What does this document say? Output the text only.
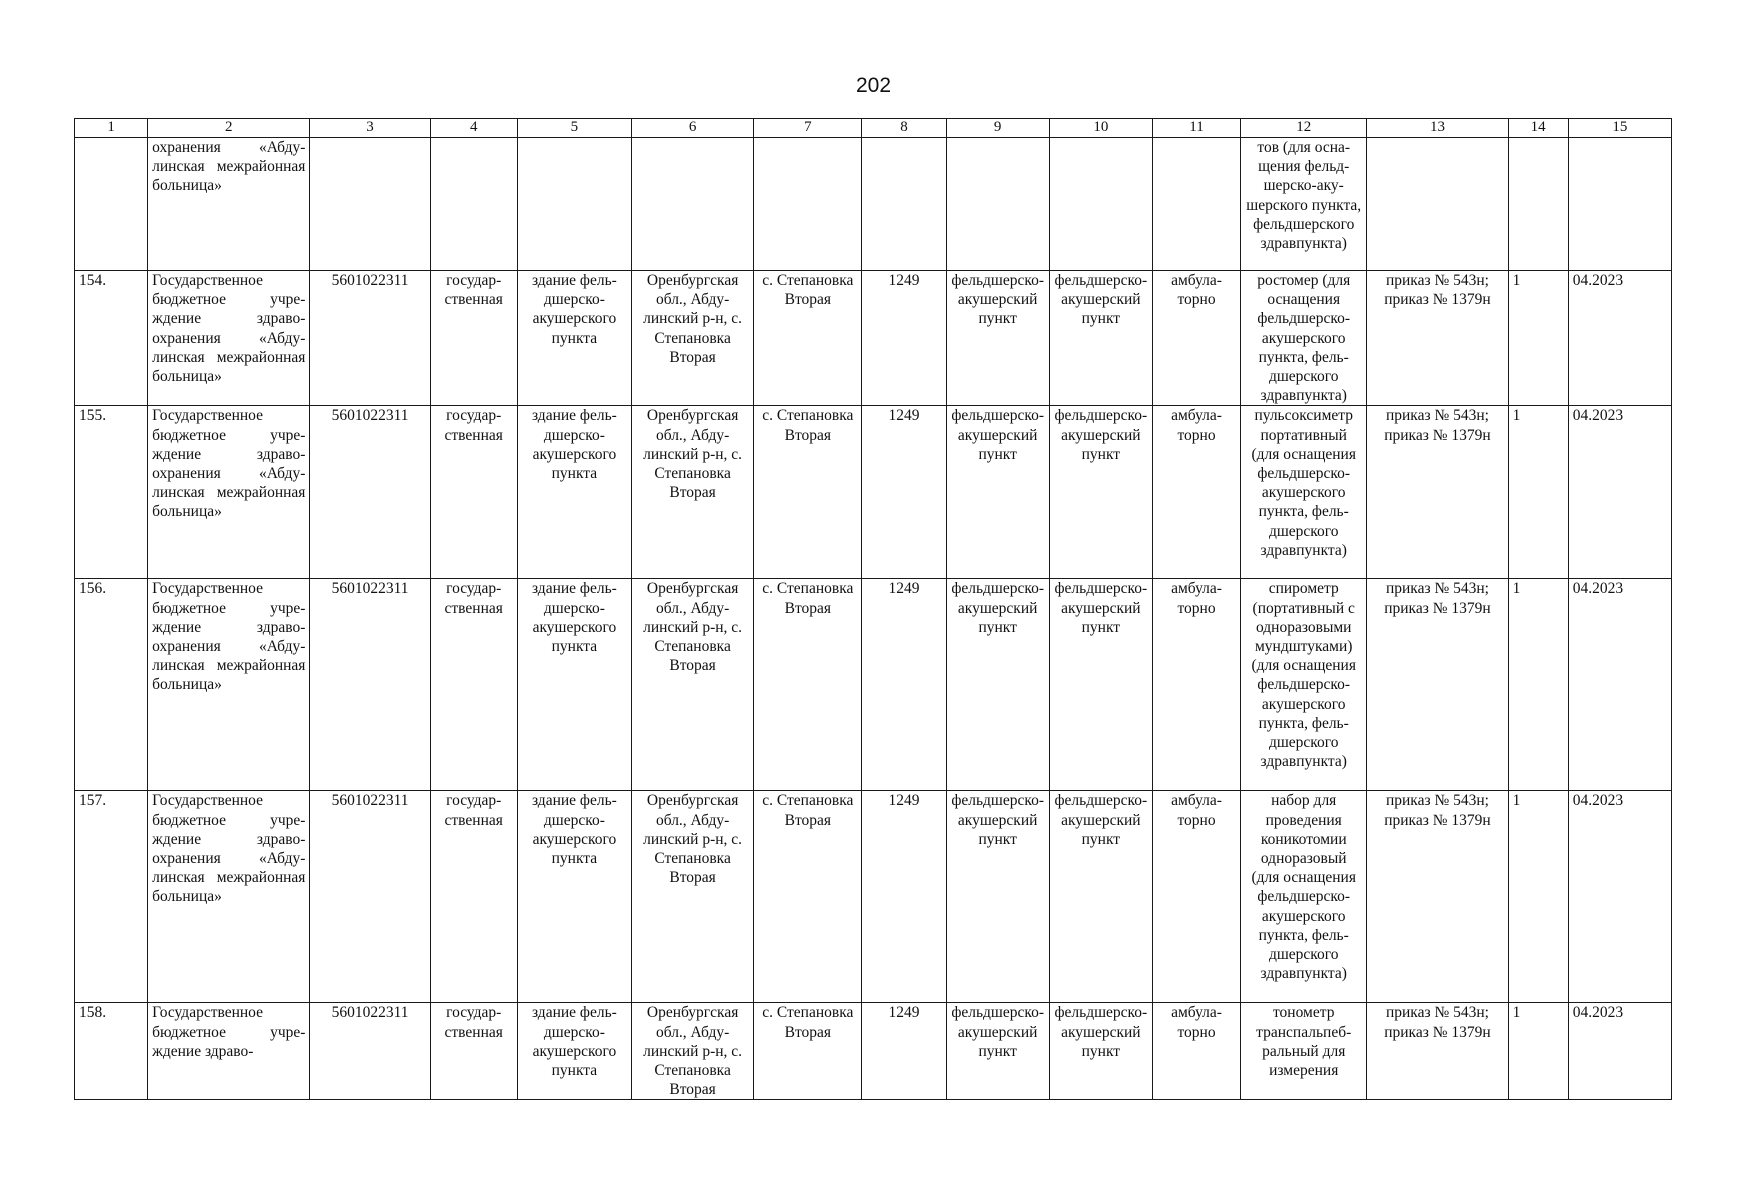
202
1	2	3	4	5	6	7	8	9	10	11	12	13	14	15
	охранения «Абдулинская межрайонная больница»										тов (для оснащения фельдшерско-акушерского пункта, фельдшерского здравпункта)			
154.	Государственное бюджетное учреждение здравоохранения «Абдулинская межрайонная больница»	5601022311	государственная	здание фельдшерско-акушерского пункта	Оренбургская обл., Абдулинский р-н, с. Степановка Вторая	с. Степановка Вторая	1249	фельдшерско-акушерский пункт	фельдшерско-акушерский пункт	амбулаторно	ростомер (для оснащения фельдшерско-акушерского пункта, фельдшерского здравпункта)	приказ № 543н; приказ № 1379н	1	04.2023
155.	Государственное бюджетное учреждение здравоохранения «Абдулинская межрайонная больница»	5601022311	государственная	здание фельдшерско-акушерского пункта	Оренбургская обл., Абдулинский р-н, с. Степановка Вторая	с. Степановка Вторая	1249	фельдшерско-акушерский пункт	фельдшерско-акушерский пункт	амбулаторно	пульсоксиметр портативный (для оснащения фельдшерско-акушерского пункта, фельдшерского здравпункта)	приказ № 543н; приказ № 1379н	1	04.2023
156.	Государственное бюджетное учреждение здравоохранения «Абдулинская межрайонная больница»	5601022311	государственная	здание фельдшерско-акушерского пункта	Оренбургская обл., Абдулинский р-н, с. Степановка Вторая	с. Степановка Вторая	1249	фельдшерско-акушерский пункт	фельдшерско-акушерский пункт	амбулаторно	спирометр (портативный с одноразовыми мундштуками) (для оснащения фельдшерско-акушерского пункта, фельдшерского здравпункта)	приказ № 543н; приказ № 1379н	1	04.2023
157.	Государственное бюджетное учреждение здравоохранения «Абдулинская межрайонная больница»	5601022311	государственная	здание фельдшерско-акушерского пункта	Оренбургская обл., Абдулинский р-н, с. Степановка Вторая	с. Степановка Вторая	1249	фельдшерско-акушерский пункт	фельдшерско-акушерский пункт	амбулаторно	набор для проведения коникотомии одноразовый (для оснащения фельдшерско-акушерского пункта, фельдшерского здравпункта)	приказ № 543н; приказ № 1379н	1	04.2023
158.	Государственное бюджетное учреждение здраво-	5601022311	государственная	здание фельдшерско-акушерского пункта	Оренбургская обл., Абдулинский р-н, с. Степановка Вторая	с. Степановка Вторая	1249	фельдшерско-акушерский пункт	фельдшерско-акушерский пункт	амбулаторно	тонометр транспальпебральный для измерения	приказ № 543н; приказ № 1379н	1	04.2023
